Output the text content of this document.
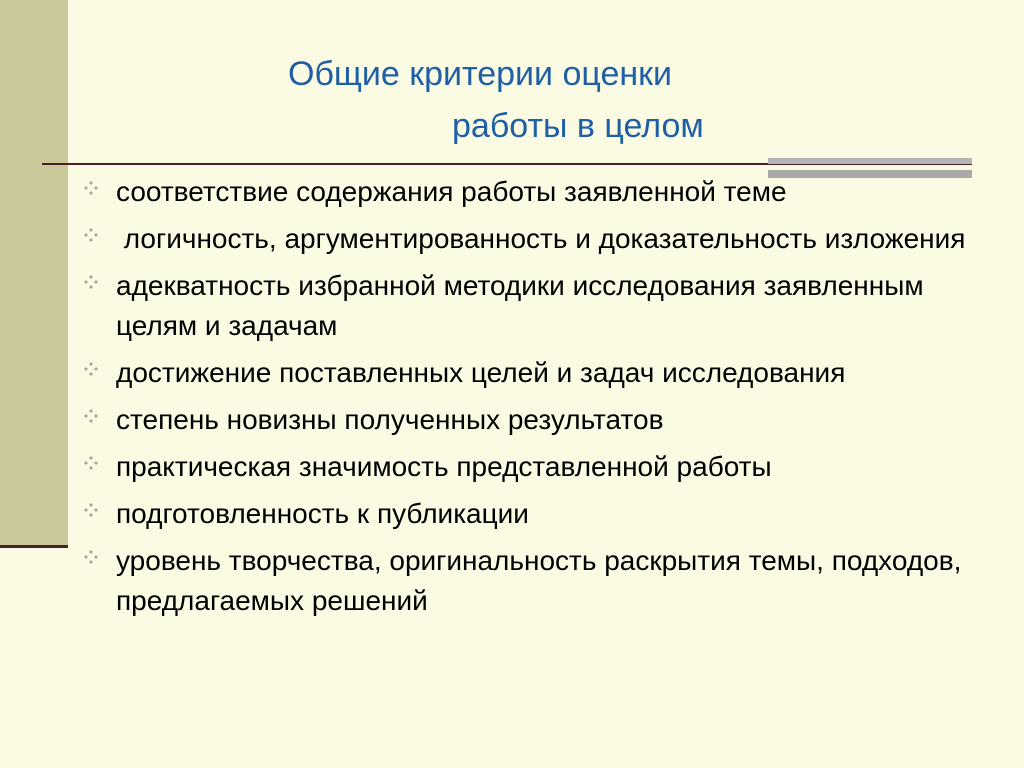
Общие критерии оценки
работы в целом
соответствие содержания работы заявленной теме
логичность, аргументированность и доказательность изложения
адекватность избранной методики исследования заявленным целям и задачам
достижение поставленных целей и задач исследования
степень новизны полученных результатов
практическая значимость представленной работы
подготовленность к публикации
уровень творчества, оригинальность раскрытия темы, подходов, предлагаемых решений
